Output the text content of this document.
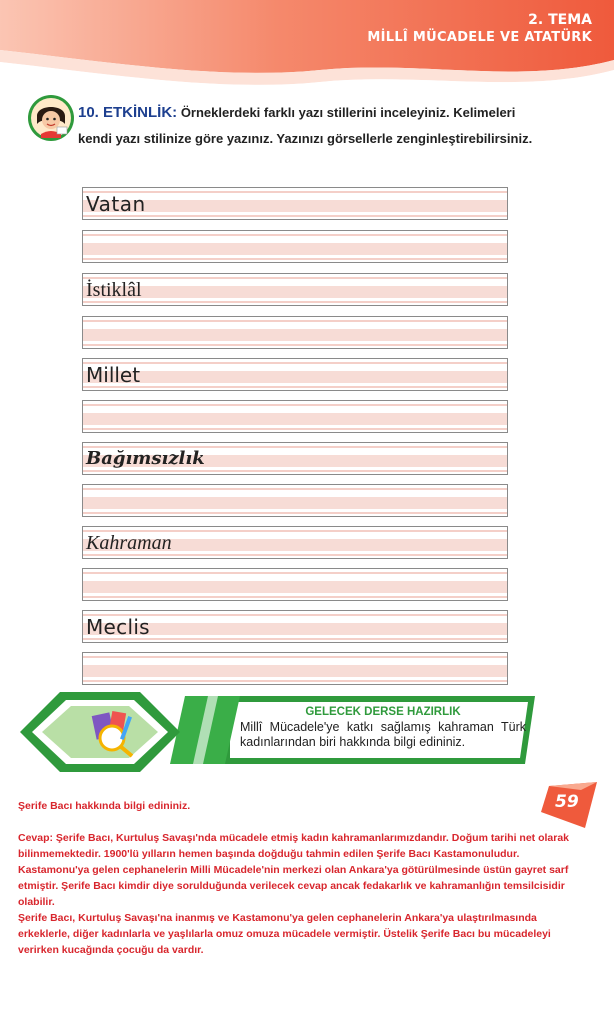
2. TEMA
MİLLÎ MÜCADELE VE ATATÜRK
10. ETKİNLİK: Örneklerdeki farklı yazı stillerini inceleyiniz. Kelimeleri kendi yazı stilinize göre yazınız. Yazınızı görsellerle zenginleştirebilirsiniz.
Vatan
İstiklâl
Millet
Bağımsızlık
Kahraman
Meclis
GELECEK DERSE HAZIRLIK
Millî Mücadele'ye katkı sağlamış kahraman Türk kadınlarından biri hakkında bilgi edininiz.
59

Şerife Bacı hakkında bilgi edininiz.

Cevap: Şerife Bacı, Kurtuluş Savaşı'nda mücadele etmiş kadın kahramanlarımızdandır. Doğum tarihi net olarak bilinmemektedir. 1900'lü yılların hemen başında doğduğu tahmin edilen Şerife Bacı Kastamonuludur. Kastamonu'ya gelen cephanelerin Milli Mücadele'nin merkezi olan Ankara'ya götürülmesinde üstün gayret sarf etmiştir. Şerife Bacı kimdir diye sorulduğunda verilecek cevap ancak fedakarlık ve kahramanlığın temsilcisidir olabilir.

Şerife Bacı, Kurtuluş Savaşı'na inanmış ve Kastamonu'ya gelen cephanelerin Ankara'ya ulaştırılmasında erkeklerle, diğer kadınlarla ve yaşlılarla omuz omuza mücadele vermiştir. Üstelik Şerife Bacı bu mücadeleyi verirken kucağında çocuğu da vardır.
